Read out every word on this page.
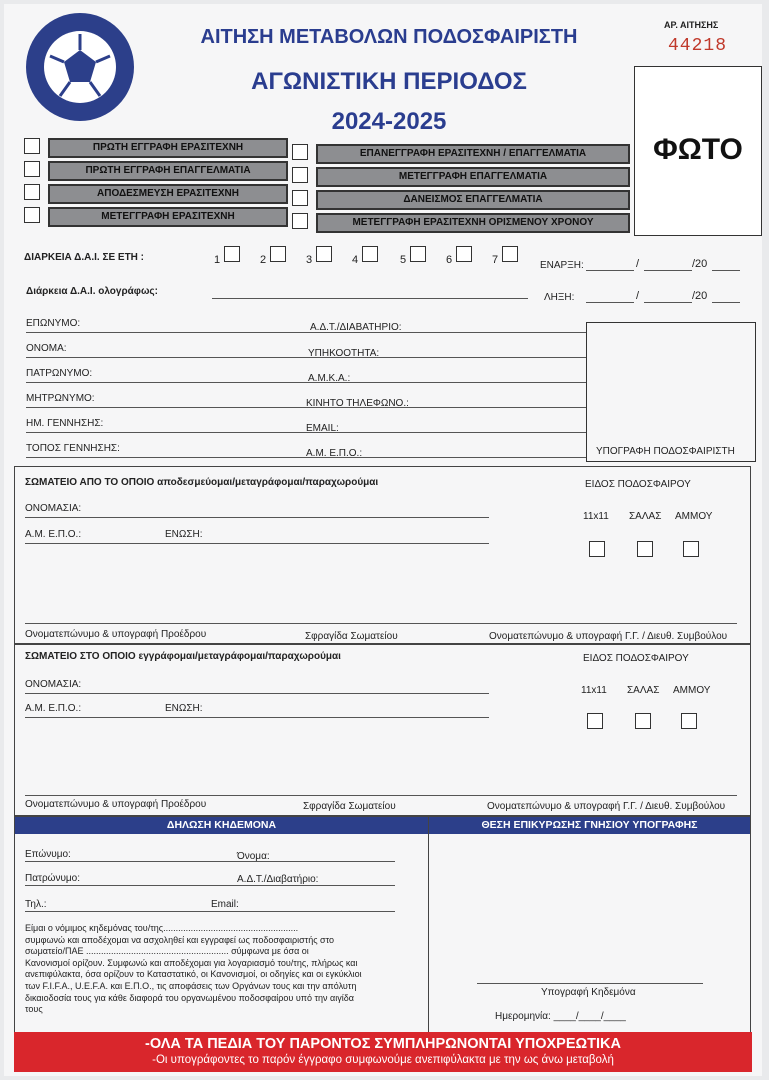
ΑΙΤΗΣΗ ΜΕΤΑΒΟΛΩΝ ΠΟΔΟΣΦΑΙΡΙΣΤΗ
ΑΓΩΝΙΣΤΙΚΗ ΠΕΡΙΟΔΟΣ
2024-2025
ΑΡ. ΑΙΤΗΣΗΣ
44218
ΦΩΤΟ
ΠΡΩΤΗ ΕΓΓΡΑΦΗ ΕΡΑΣΙΤΕΧΝΗ
ΠΡΩΤΗ ΕΓΓΡΑΦΗ ΕΠΑΓΓΕΛΜΑΤΙΑ
ΑΠΟΔΕΣΜΕΥΣΗ ΕΡΑΣΙΤΕΧΝΗ
ΜΕΤΕΓΓΡΑΦΗ ΕΡΑΣΙΤΕΧΝΗ
ΕΠΑΝΕΓΓΡΑΦΗ ΕΡΑΣΙΤΕΧΝΗ / ΕΠΑΓΓΕΛΜΑΤΙΑ
ΜΕΤΕΓΓΡΑΦΗ ΕΠΑΓΓΕΛΜΑΤΙΑ
ΔΑΝΕΙΣΜΟΣ ΕΠΑΓΓΕΛΜΑΤΙΑ
ΜΕΤΕΓΓΡΑΦΗ ΕΡΑΣΙΤΕΧΝΗ ΟΡΙΣΜΕΝΟΥ ΧΡΟΝΟΥ
ΔΙΑΡΚΕΙΑ Δ.Α.Ι. ΣΕ ΕΤΗ :	1	2	3	4	5	6	7	ΕΝΑΡΞΗ:	/	/20
Διάρκεια Δ.Α.Ι. ολογράφως:
ΛΗΞΗ:	/	/20
ΕΠΩΝΥΜΟ:	Α.Δ.Τ./ΔΙΑΒΑΤΗΡΙΟ:
ΟΝΟΜΑ:	ΥΠΗΚΟΟΤΗΤΑ:
ΠΑΤΡΩΝΥΜΟ:	Α.Μ.Κ.Α.:
ΜΗΤΡΩΝΥΜΟ:	ΚΙΝΗΤΟ ΤΗΛΕΦΩΝΟ.:
ΗΜ. ΓΕΝΝΗΣΗΣ:	EMAIL:
ΤΟΠΟΣ ΓΕΝΝΗΣΗΣ:	Α.Μ. Ε.Π.Ο.:	ΥΠΟΓΡΑΦΗ ΠΟΔΟΣΦΑΙΡΙΣΤΗ
ΣΩΜΑΤΕΙΟ ΑΠΟ ΤΟ ΟΠΟΙΟ αποδεσμεύομαι/μεταγράφομαι/παραχωρούμαι
ΟΝΟΜΑΣΙΑ:
Α.Μ. Ε.Π.Ο.:	ΕΝΩΣΗ:
ΕΙΔΟΣ ΠΟΔΟΣΦΑΙΡΟΥ
11x11 ΣΑΛΑΣ ΑΜΜΟΥ
Ονοματεπώνυμο & υπογραφή Προέδρου	Σφραγίδα Σωματείου	Ονοματεπώνυμο & υπογραφή Γ.Γ. / Διευθ. Συμβούλου
ΣΩΜΑΤΕΙΟ ΣΤΟ ΟΠΟΙΟ εγγράφομαι/μεταγράφομαι/παραχωρούμαι
ΟΝΟΜΑΣΙΑ:
Α.Μ. Ε.Π.Ο.:	ΕΝΩΣΗ:
ΕΙΔΟΣ ΠΟΔΟΣΦΑΙΡΟΥ
11x11 ΣΑΛΑΣ ΑΜΜΟΥ
Ονοματεπώνυμο & υπογραφή Προέδρου	Σφραγίδα Σωματείου	Ονοματεπώνυμο & υπογραφή Γ.Γ. / Διευθ. Συμβούλου
ΔΗΛΩΣΗ ΚΗΔΕΜΟΝΑ
Επώνυμο:	Όνομα:
Πατρώνυμο:	Α.Δ.Τ./Διαβατήριο:
Τηλ.:	Email:
Είμαι ο νόμιμος κηδεμόνας του/της......................................................
συμφωνώ και αποδέχομαι να ασχοληθεί και εγγραφεί ως ποδοσφαιριστής στο
σωματείο/ΠΑΕ ......................................................... σύμφωνα με όσα οι
Κανονισμοί ορίζουν. Συμφωνώ και αποδέχομαι για λογαριασμό του/της, πλήρως και
ανεπιφύλακτα, όσα ορίζουν το Καταστατικό, οι Κανονισμοί, οι οδηγίες και οι εγκύκλιοι
των F.I.F.A., U.E.F.A. και Ε.Π.Ο., τις αποφάσεις των Οργάνων τους και την απόλυτη
δικαιοδοσία τους για κάθε διαφορά του οργανωμένου ποδοσφαίρου υπό την αιγίδα
τους
ΘΕΣΗ ΕΠΙΚΥΡΩΣΗΣ ΓΝΗΣΙΟΥ ΥΠΟΓΡΑΦΗΣ
Υπογραφή Κηδεμόνα
Ημερομηνία: ____/____/____
-ΟΛΑ ΤΑ ΠΕΔΙΑ ΤΟΥ ΠΑΡΟΝΤΟΣ ΣΥΜΠΛΗΡΩΝΟΝΤΑΙ ΥΠΟΧΡΕΩΤΙΚΑ
-Οι υπογράφοντες το παρόν έγγραφο συμφωνούμε ανεπιφύλακτα με την ως άνω μεταβολή
